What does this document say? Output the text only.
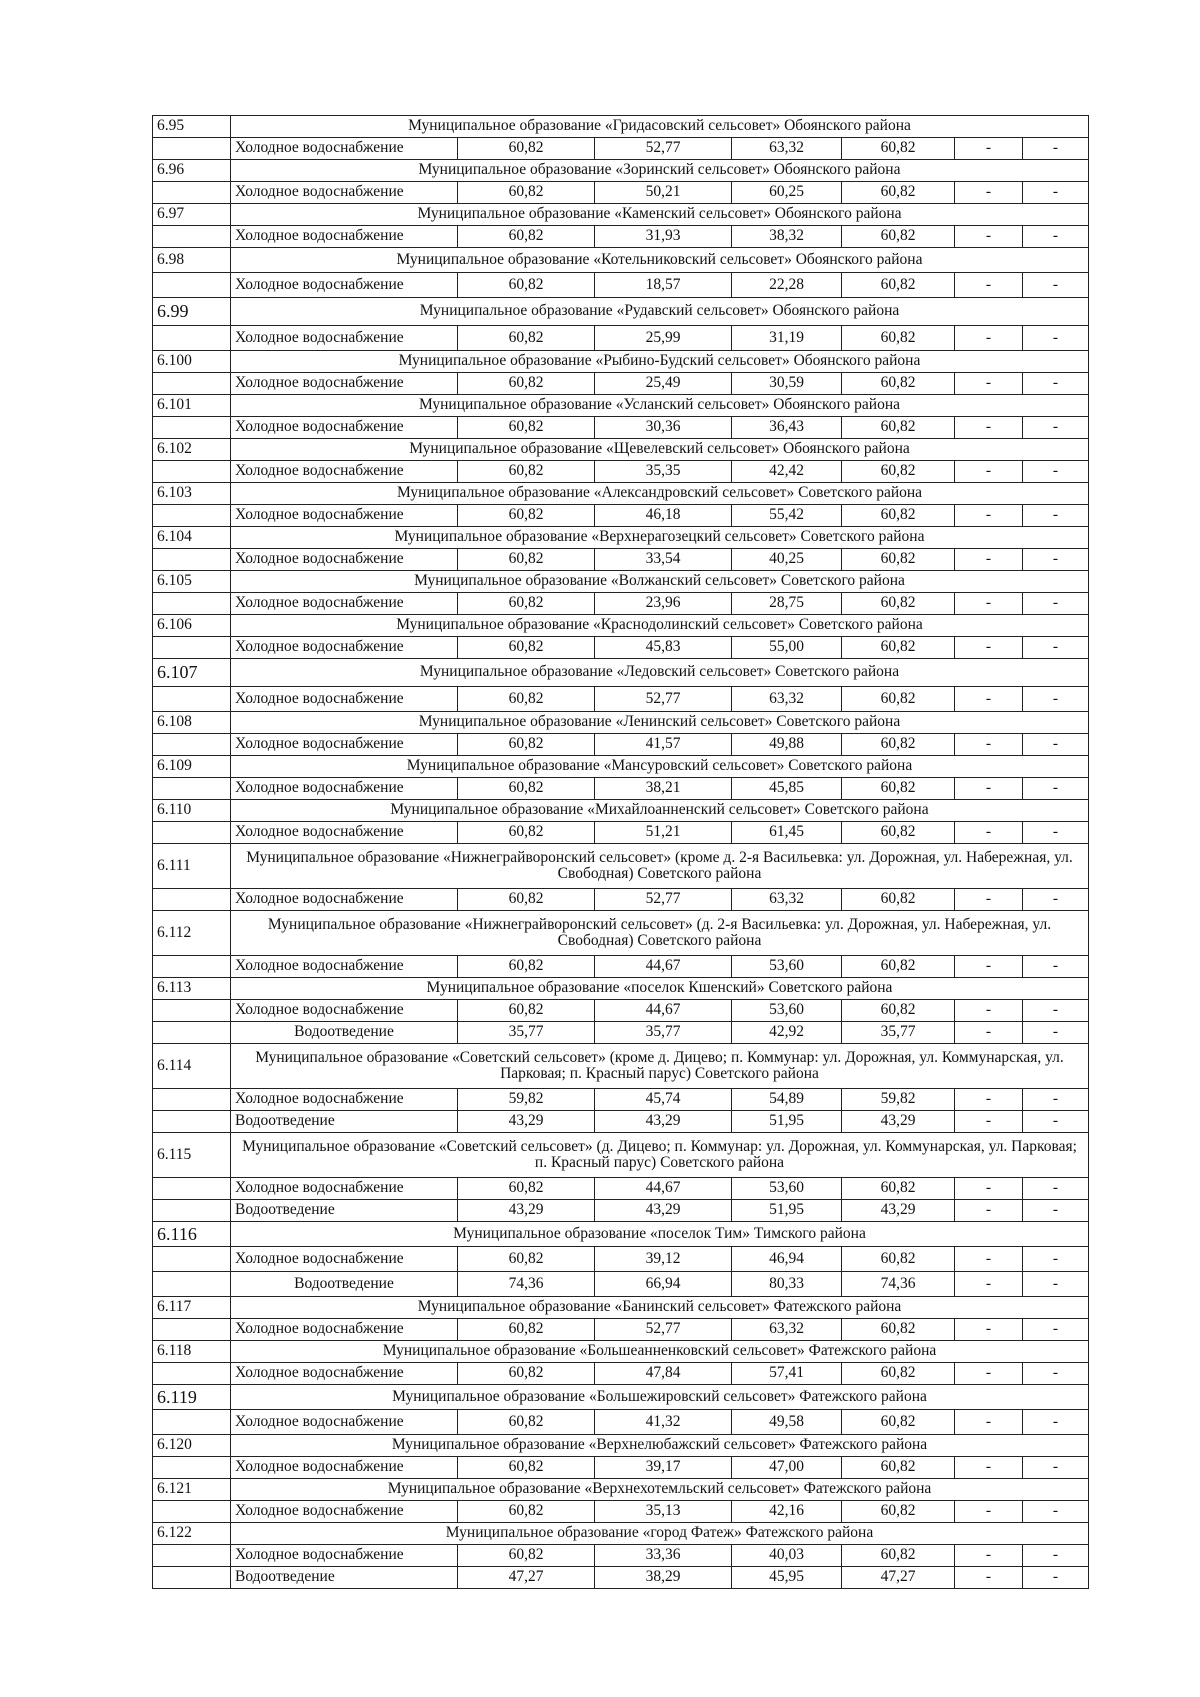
6.95	Муниципальное образование «Гридасовский сельсовет» Обоянского района						
	Холодное водоснабжение	60,82	52,77	63,32	60,82	-	-
6.96	Муниципальное образование «Зоринский сельсовет» Обоянского района						
	Холодное водоснабжение	60,82	50,21	60,25	60,82	-	-
6.97	Муниципальное образование «Каменский сельсовет» Обоянского района						
	Холодное водоснабжение	60,82	31,93	38,32	60,82	-	-
6.98	Муниципальное образование «Котельниковский сельсовет» Обоянского района						
	Холодное водоснабжение	60,82	18,57	22,28	60,82	-	-
6.99	Муниципальное образование «Рудавский сельсовет» Обоянского района						
	Холодное водоснабжение	60,82	25,99	31,19	60,82	-	-
6.100	Муниципальное образование «Рыбино-Будский сельсовет» Обоянского района						
	Холодное водоснабжение	60,82	25,49	30,59	60,82	-	-
6.101	Муниципальное образование «Усланский сельсовет» Обоянского района						
	Холодное водоснабжение	60,82	30,36	36,43	60,82	-	-
6.102	Муниципальное образование «Щевелевский сельсовет» Обоянского района						
	Холодное водоснабжение	60,82	35,35	42,42	60,82	-	-
6.103	Муниципальное образование «Александровский сельсовет» Советского района						
	Холодное водоснабжение	60,82	46,18	55,42	60,82	-	-
6.104	Муниципальное образование «Верхнерагозецкий сельсовет» Советского района						
	Холодное водоснабжение	60,82	33,54	40,25	60,82	-	-
6.105	Муниципальное образование «Волжанский сельсовет» Советского района						
	Холодное водоснабжение	60,82	23,96	28,75	60,82	-	-
6.106	Муниципальное образование «Краснодолинский сельсовет» Советского района						
	Холодное водоснабжение	60,82	45,83	55,00	60,82	-	-
6.107	Муниципальное образование «Ледовский сельсовет» Советского района						
	Холодное водоснабжение	60,82	52,77	63,32	60,82	-	-
6.108	Муниципальное образование «Ленинский сельсовет» Советского района						
	Холодное водоснабжение	60,82	41,57	49,88	60,82	-	-
6.109	Муниципальное образование «Мансуровский сельсовет» Советского района						
	Холодное водоснабжение	60,82	38,21	45,85	60,82	-	-
6.110	Муниципальное образование «Михайлоанненский сельсовет» Советского района						
	Холодное водоснабжение	60,82	51,21	61,45	60,82	-	-
6.111	Муниципальное образование «Нижнеграйворонский сельсовет» (кроме д. 2-я Васильевка: ул. Дорожная, ул. Набережная, ул. Свободная) Советского района						
	Холодное водоснабжение	60,82	52,77	63,32	60,82	-	-
6.112	Муниципальное образование «Нижнеграйворонский сельсовет» (д. 2-я Васильевка: ул. Дорожная, ул. Набережная, ул. Свободная) Советского района						
	Холодное водоснабжение	60,82	44,67	53,60	60,82	-	-
6.113	Муниципальное образование «поселок Кшенский» Советского района						
	Холодное водоснабжение	60,82	44,67	53,60	60,82	-	-
	Водоотведение	35,77	35,77	42,92	35,77	-	-
6.114	Муниципальное образование «Советский сельсовет» (кроме д. Дицево; п. Коммунар: ул. Дорожная, ул. Коммунарская, ул. Парковая; п. Красный парус) Советского района						
	Холодное водоснабжение	59,82	45,74	54,89	59,82	-	-
	Водоотведение	43,29	43,29	51,95	43,29	-	-
6.115	Муниципальное образование «Советский сельсовет» (д. Дицево; п. Коммунар: ул. Дорожная, ул. Коммунарская, ул. Парковая; п. Красный парус) Советского района						
	Холодное водоснабжение	60,82	44,67	53,60	60,82	-	-
	Водоотведение	43,29	43,29	51,95	43,29	-	-
6.116	Муниципальное образование «поселок Тим» Тимского района						
	Холодное водоснабжение	60,82	39,12	46,94	60,82	-	-
	Водоотведение	74,36	66,94	80,33	74,36	-	-
6.117	Муниципальное образование «Банинский сельсовет» Фатежского района						
	Холодное водоснабжение	60,82	52,77	63,32	60,82	-	-
6.118	Муниципальное образование «Большеанненковский сельсовет» Фатежского района						
	Холодное водоснабжение	60,82	47,84	57,41	60,82	-	-
6.119	Муниципальное образование «Большежировский сельсовет» Фатежского района						
	Холодное водоснабжение	60,82	41,32	49,58	60,82	-	-
6.120	Муниципальное образование «Верхнелюбажский сельсовет» Фатежского района						
	Холодное водоснабжение	60,82	39,17	47,00	60,82	-	-
6.121	Муниципальное образование «Верхнехотемльский сельсовет» Фатежского района						
	Холодное водоснабжение	60,82	35,13	42,16	60,82	-	-
6.122	Муниципальное образование «город Фатеж» Фатежского района						
	Холодное водоснабжение	60,82	33,36	40,03	60,82	-	-
	Водоотведение	47,27	38,29	45,95	47,27	-	-
